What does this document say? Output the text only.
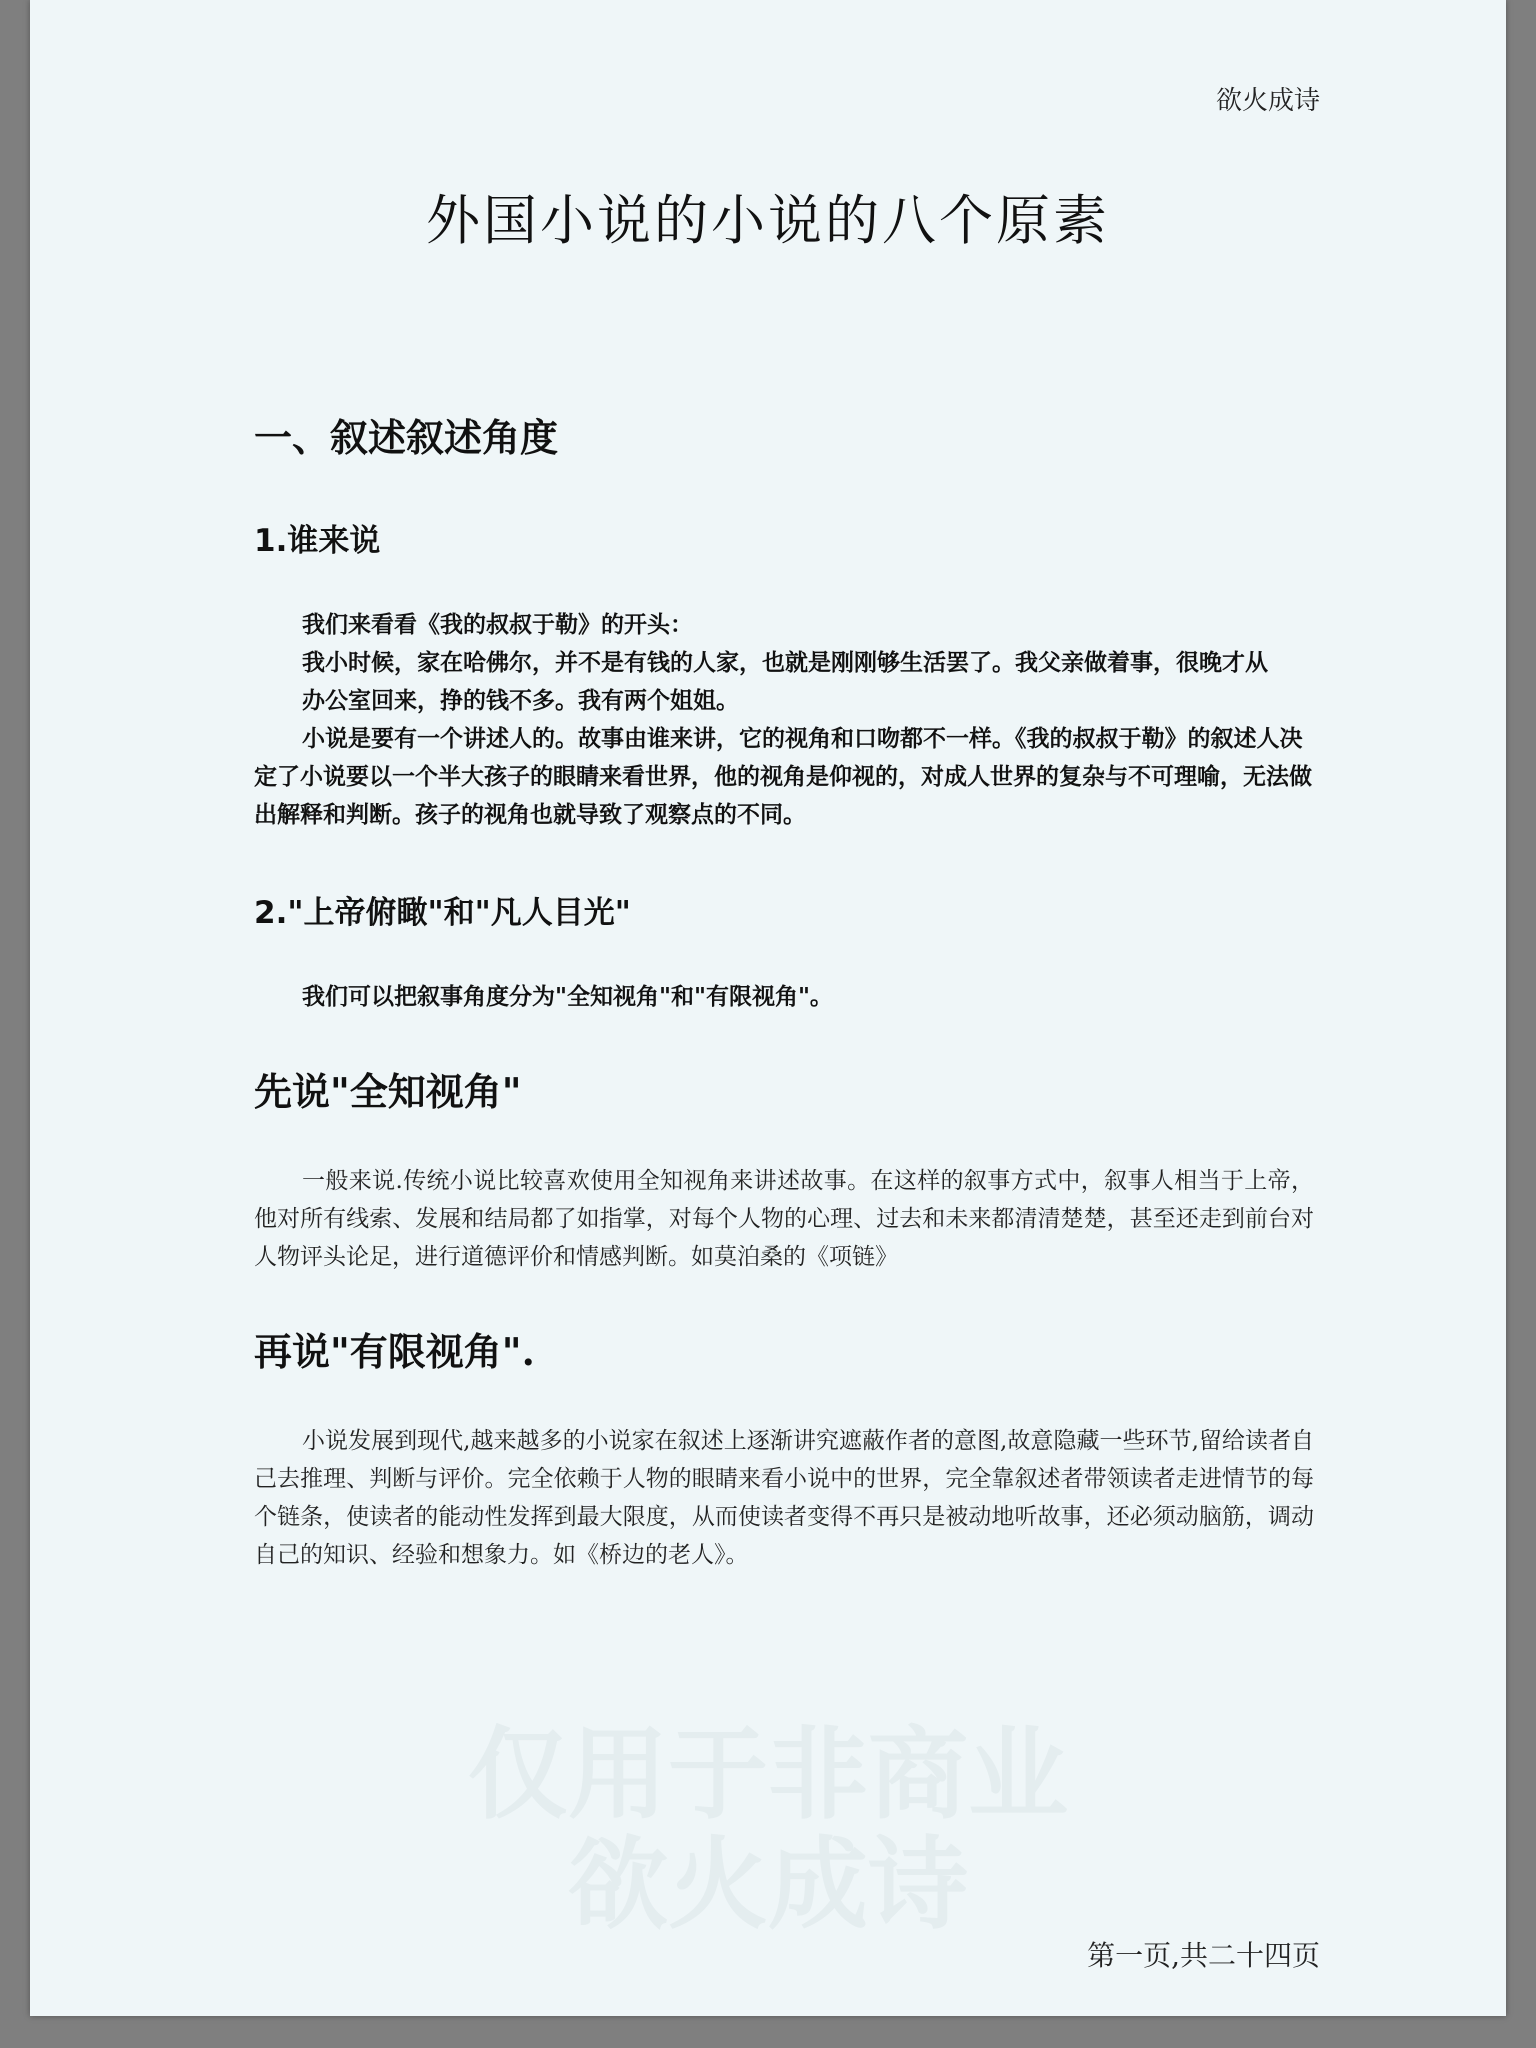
欲火成诗
外国小说的小说的八个原素
一、叙述叙述角度
1.谁来说

我们来看看《我的叔叔于勒》的开头：

我小时候，家在哈佛尔，并不是有钱的人家，也就是刚刚够生活罢了。我父亲做着事，很晚才从

办公室回来，挣的钱不多。我有两个姐姐。

小说是要有一个讲述人的。故事由谁来讲，它的视角和口吻都不一样。《我的叔叔于勒》的叙述人决定了小说要以一个半大孩子的眼睛来看世界，他的视角是仰视的，对成人世界的复杂与不可理喻，无法做出解释和判断。孩子的视角也就导致了观察点的不同。

2."上帝俯瞰"和"凡人目光"

我们可以把叙事角度分为"全知视角"和"有限视角"。

先说"全知视角"

一般来说.传统小说比较喜欢使用全知视角来讲述故事。在这样的叙事方式中，叙事人相当于上帝，他对所有线索、发展和结局都了如指掌，对每个人物的心理、过去和未来都清清楚楚，甚至还走到前台对人物评头论足，进行道德评价和情感判断。如莫泊桑的《项链》

再说"有限视角".

小说发展到现代,越来越多的小说家在叙述上逐渐讲究遮蔽作者的意图,故意隐藏一些环节,留给读者自己去推理、判断与评价。完全依赖于人物的眼睛来看小说中的世界，完全靠叙述者带领读者走进情节的每个链条，使读者的能动性发挥到最大限度，从而使读者变得不再只是被动地听故事，还必须动脑筋，调动自己的知识、经验和想象力。如《桥边的老人》。

仅用于非商业
欲火成诗
第一页,共二十四页
